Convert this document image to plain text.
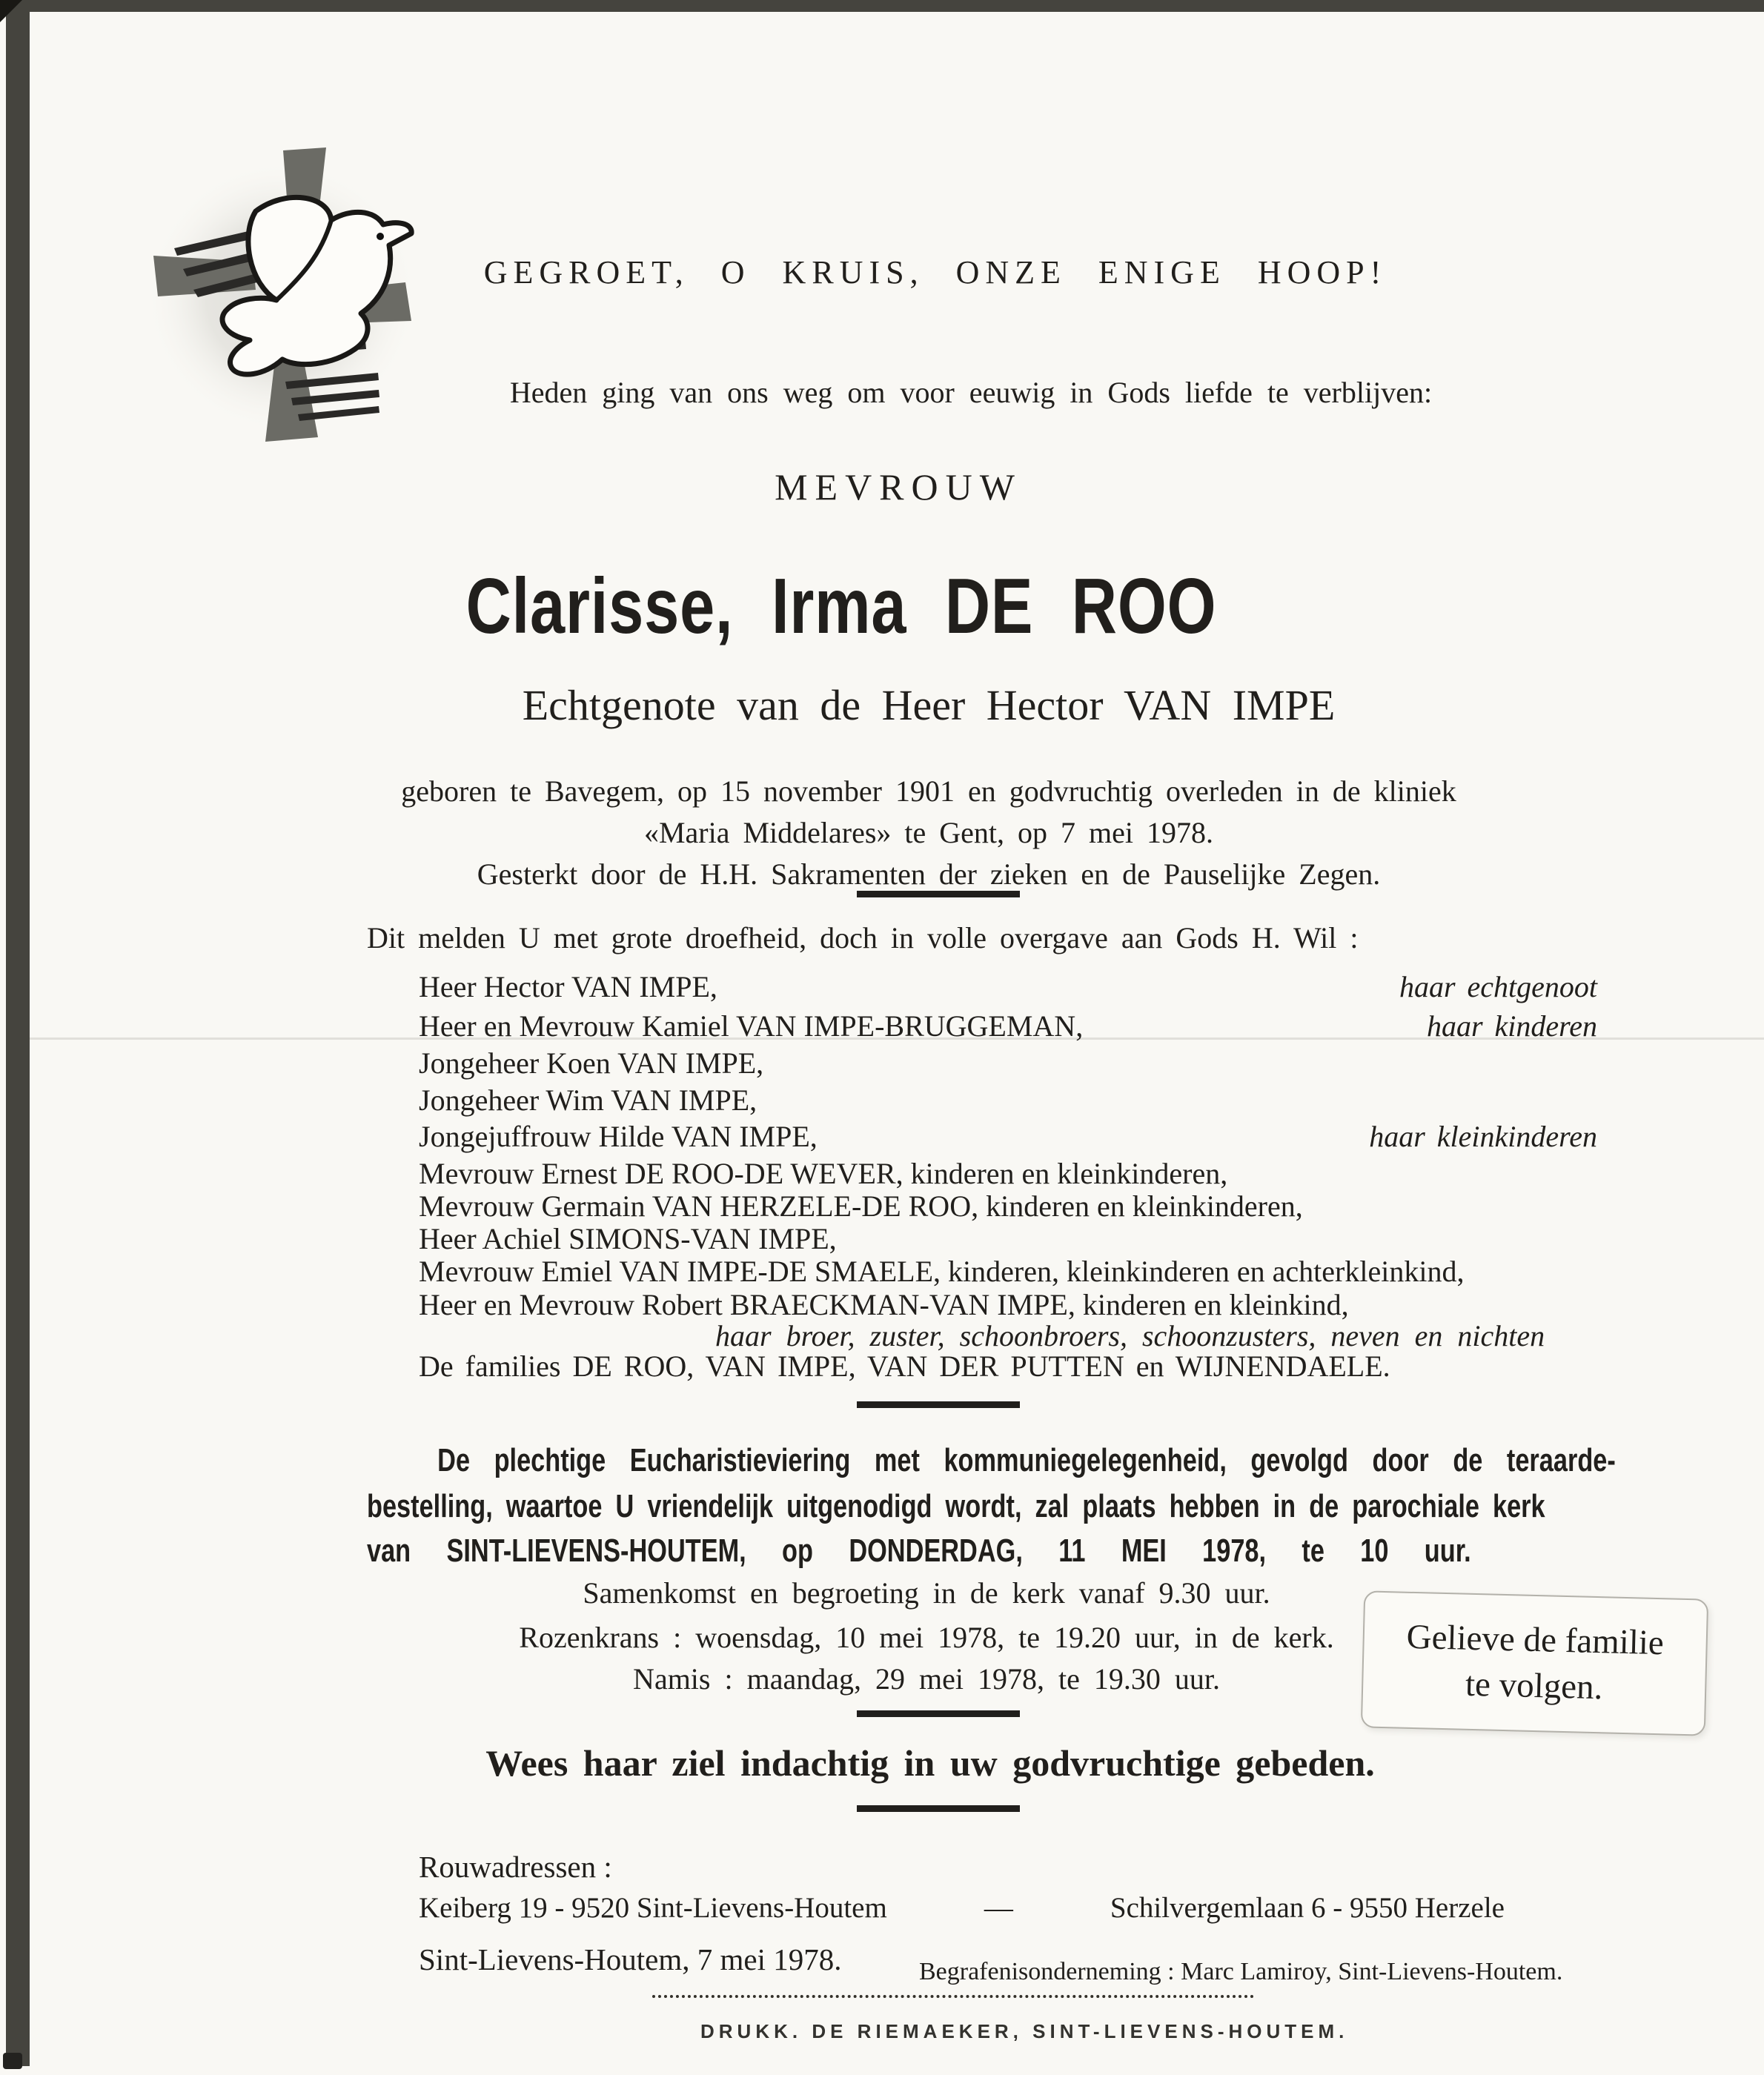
GEGROET, O KRUIS, ONZE ENIGE HOOP!
Heden ging van ons weg om voor eeuwig in Gods liefde te verblijven:
MEVROUW
Clarisse, Irma DE ROO
Echtgenote van de Heer Hector VAN IMPE
geboren te Bavegem, op 15 november 1901 en godvruchtig overleden in de kliniek
«Maria Middelares» te Gent, op 7 mei 1978.
Gesterkt door de H.H. Sakramenten der zieken en de Pauselijke Zegen.
Dit melden U met grote droefheid, doch in volle overgave aan Gods H. Wil :
Heer Hector VAN IMPE,	haar echtgenoot
Heer en Mevrouw Kamiel VAN IMPE-BRUGGEMAN,	haar kinderen
Jongeheer Koen VAN IMPE,
Jongeheer Wim VAN IMPE,
Jongejuffrouw Hilde VAN IMPE,	haar kleinkinderen
Mevrouw Ernest DE ROO-DE WEVER, kinderen en kleinkinderen,
Mevrouw Germain VAN HERZELE-DE ROO, kinderen en kleinkinderen,
Heer Achiel SIMONS-VAN IMPE,
Mevrouw Emiel VAN IMPE-DE SMAELE, kinderen, kleinkinderen en achterkleinkind,
Heer en Mevrouw Robert BRAECKMAN-VAN IMPE, kinderen en kleinkind,
haar broer, zuster, schoonbroers, schoonzusters, neven en nichten
De families DE ROO, VAN IMPE, VAN DER PUTTEN en WIJNENDAELE.
De plechtige Eucharistieviering met kommuniegelegenheid, gevolgd door de teraarde-
bestelling, waartoe U vriendelijk uitgenodigd wordt, zal plaats hebben in de parochiale kerk
van SINT-LIEVENS-HOUTEM, op DONDERDAG, 11 MEI 1978, te 10 uur.
Samenkomst en begroeting in de kerk vanaf 9.30 uur.
Rozenkrans : woensdag, 10 mei 1978, te 19.20 uur, in de kerk.
Namis : maandag, 29 mei 1978, te 19.30 uur.
Gelieve de familie
te volgen.
Wees haar ziel indachtig in uw godvruchtige gebeden.
Rouwadressen :
Keiberg 19 - 9520 Sint-Lievens-Houtem	—	Schilvergemlaan 6 - 9550 Herzele
Sint-Lievens-Houtem, 7 mei 1978.	Begrafenisonderneming : Marc Lamiroy, Sint-Lievens-Houtem.
DRUKK. DE RIEMAEKER, SINT-LIEVENS-HOUTEM.
